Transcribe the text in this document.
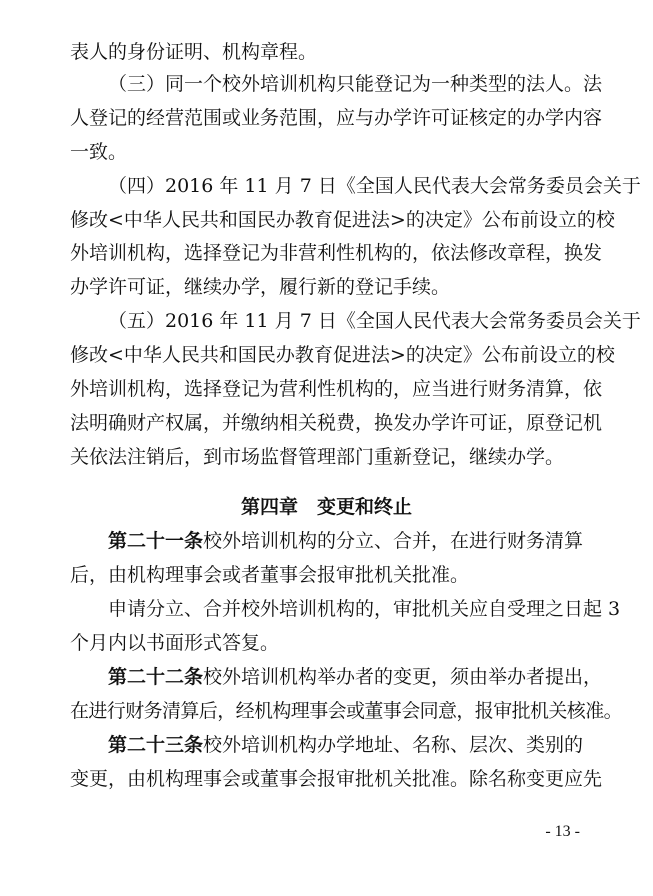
表人的身份证明、机构章程。
（三）同一个校外培训机构只能登记为一种类型的法人。法
人登记的经营范围或业务范围，应与办学许可证核定的办学内容
一致。
（四）2016 年 11 月 7 日《全国人民代表大会常务委员会关于
修改<中华人民共和国民办教育促进法>的决定》公布前设立的校
外培训机构，选择登记为非营利性机构的，依法修改章程，换发
办学许可证，继续办学，履行新的登记手续。
（五）2016 年 11 月 7 日《全国人民代表大会常务委员会关于
修改<中华人民共和国民办教育促进法>的决定》公布前设立的校
外培训机构，选择登记为营利性机构的，应当进行财务清算，依
法明确财产权属，并缴纳相关税费，换发办学许可证，原登记机
关依法注销后，到市场监督管理部门重新登记，继续办学。
第四章　变更和终止
第二十一条 校外培训机构的分立、合并，在进行财务清算
后，由机构理事会或者董事会报审批机关批准。
申请分立、合并校外培训机构的，审批机关应自受理之日起 3
个月内以书面形式答复。
第二十二条 校外培训机构举办者的变更，须由举办者提出，
在进行财务清算后，经机构理事会或董事会同意，报审批机关核准。
第二十三条 校外培训机构办学地址、名称、层次、类别的
变更，由机构理事会或董事会报审批机关批准。除名称变更应先
- 13 -
